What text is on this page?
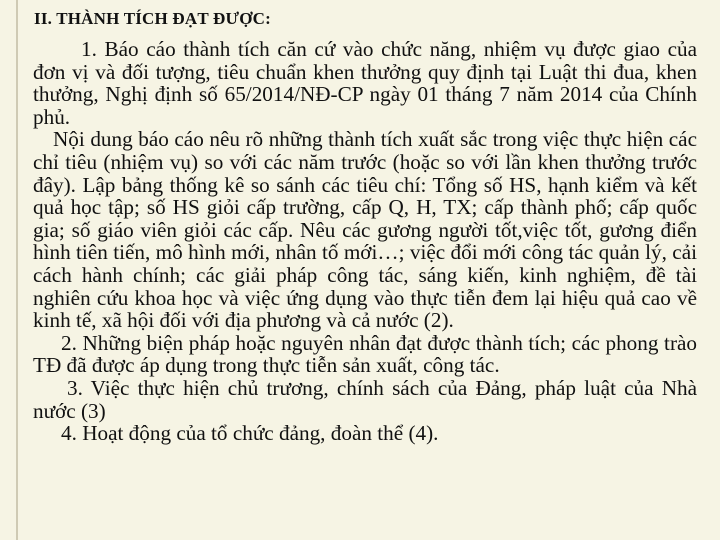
II. THÀNH TÍCH ĐẠT ĐƯỢC:

1. Báo cáo thành tích căn cứ vào chức năng, nhiệm vụ được giao của đơn vị và đối tượng, tiêu chuẩn khen thưởng quy định tại Luật thi đua, khen thưởng, Nghị định số 65/2014/NĐ-CP ngày 01 tháng 7 năm 2014 của Chính phủ.

Nội dung báo cáo nêu rõ những thành tích xuất sắc trong việc thực hiện các chỉ tiêu (nhiệm vụ) so với các năm trước (hoặc so với lần khen thưởng trước đây). Lập bảng thống kê so sánh các tiêu chí: Tổng số HS, hạnh kiểm và kết quả học tập; số HS giỏi cấp trường, cấp Q, H, TX; cấp thành phố; cấp quốc gia; số giáo viên giỏi các cấp. Nêu các gương người tốt,việc tốt, gương điển hình tiên tiến, mô hình mới, nhân tố mới…; việc đổi mới công tác quản lý, cải cách hành chính; các giải pháp công tác, sáng kiến, kinh nghiệm, đề tài nghiên cứu khoa học và việc ứng dụng vào thực tiễn đem lại hiệu quả cao về kinh tế, xã hội đối với địa phương và cả nước (2).

2. Những biện pháp hoặc nguyên nhân đạt được thành tích; các phong trào TĐ đã được áp dụng trong thực tiễn sản xuất, công tác.

3. Việc thực hiện chủ trương, chính sách của Đảng, pháp luật của Nhà nước (3)

4. Hoạt động của tổ chức đảng, đoàn thể (4).
